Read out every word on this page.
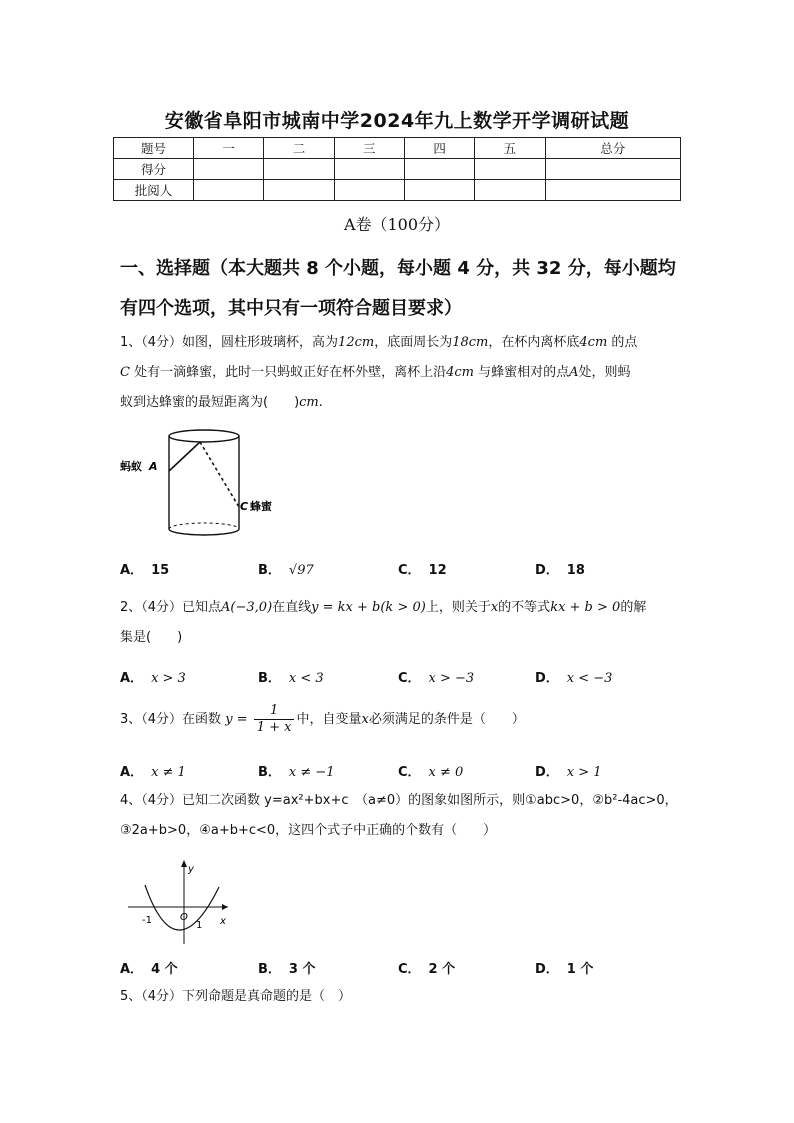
安徽省阜阳市城南中学2024年九上数学开学调研试题
题号	一	二	三	四	五	总分
得分						
批阅人						
A卷（100分）
一、选择题（本大题共 8 个小题，每小题 4 分，共 32 分，每小题均
有四个选项，其中只有一项符合题目要求）
1、（4分）如图，圆柱形玻璃杯，高为12cm，底面周长为18cm，在杯内离杯底4cm 的点
C 处有一滴蜂蜜，此时一只蚂蚁正好在杯外壁，离杯上沿4cm 与蜂蜜相对的点A处，则蚂
蚁到达蜂蜜的最短距离为(　　)cm.
蚂蚁 A
C 蜂蜜
A． 15	B． √97	C． 12	D． 18
2、（4分）已知点A(−3,0)在直线y = kx + b(k > 0)上，则关于x的不等式kx + b > 0的解
集是(　　)
A． x > 3	B． x < 3	C． x > −3	D． x < −3
3、（4分）在函数 $y = \frac{1}{1 + x}$ 中，自变量x必须满足的条件是（　　）
A． x ≠ 1	B． x ≠ −1	C． x ≠ 0	D． x > 1
4、（4分）已知二次函数 y=ax²+bx+c　（a≠0）的图象如图所示，则①abc>0，②b²-4ac>0，
③2a+b>0，④a+b+c<0，这四个式子中正确的个数有（　　）
y
x
O
-1	1
A． 4 个	B． 3 个	C． 2 个	D． 1 个
5、（4分）下列命题是真命题的是（　）
